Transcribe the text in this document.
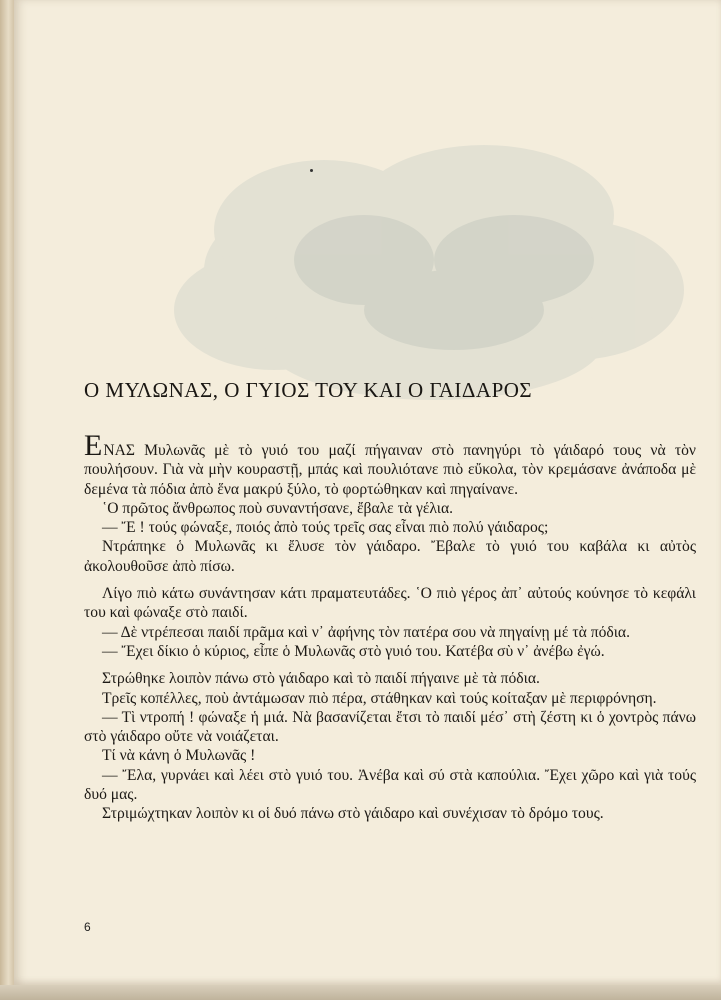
Ο ΜΥΛΩΝΑΣ, Ο ΓΥΙΟΣ ΤΟΥ ΚΑΙ Ο ΓΑΙΔΑΡΟΣ

ΕΝΑΣ Μυλωνᾶς μὲ τὸ γυιό του μαζί πήγαιναν στὸ πανηγύρι τὸ γάιδαρό τους νὰ τὸν πουλήσουν. Γιὰ νὰ μὴν κουραστῇ, μπάς καὶ πουλιότανε πιὸ εὔκολα, τὸν κρεμάσανε ἀνάποδα μὲ δεμένα τὰ πόδια ἀπὸ ἕνα μακρύ ξύλο, τὸ φορτώθηκαν καὶ πηγαίνανε.

῾Ο πρῶτος ἄνθρωπος ποὺ συναντήσανε, ἔβαλε τὰ γέλια.

— Ἔ ! τούς φώναξε, ποιός ἀπὸ τούς τρεῖς σας εἶναι πιὸ πολύ γάιδαρος;

Ντράπηκε ὁ Μυλωνᾶς κι ἔλυσε τὸν γάιδαρο. Ἔβαλε τὸ γυιό του καβάλα κι αὐτὸς ἀκολουθοῦσε ἀπὸ πίσω.

Λίγο πιὸ κάτω συνάντησαν κάτι πραματευτάδες. ῾Ο πιὸ γέρος ἀπ᾿ αὐτούς κούνησε τὸ κεφάλι του καὶ φώναξε στὸ παιδί.

— Δὲ ντρέπεσαι παιδί πρᾶμα καὶ ν᾿ ἀφήνης τὸν πατέρα σου νὰ πηγαίνῃ μέ τὰ πόδια.

— Ἔχει δίκιο ὁ κύριος, εἶπε ὁ Μυλωνᾶς στὸ γυιό του. Κατέβα σὺ ν᾿ ἀνέβω ἐγώ.

Στρώθηκε λοιπὸν πάνω στὸ γάιδαρο καὶ τὸ παιδί πήγαινε μὲ τὰ πόδια.

Τρεῖς κοπέλλες, ποὺ ἀντάμωσαν πιὸ πέρα, στάθηκαν καὶ τούς κοίταξαν μὲ περιφρόνηση.

— Τὶ ντροπή ! φώναξε ἡ μιά. Νὰ βασανίζεται ἔτσι τὸ παιδί μέσ᾿ στὴ ζέστη κι ὁ χοντρὸς πάνω στὸ γάιδαρο οὔτε νὰ νοιάζεται.

Τί νὰ κάνη ὁ Μυλωνᾶς !

— Ἔλα, γυρνάει καὶ λέει στὸ γυιό του. Ἀνέβα καὶ σύ στὰ καπούλια. Ἔχει χῶρο καὶ γιὰ τούς δυό μας.

Στριμώχτηκαν λοιπὸν κι οἱ δυό πάνω στὸ γάιδαρο καὶ συνέχισαν τὸ δρόμο τους.

6
